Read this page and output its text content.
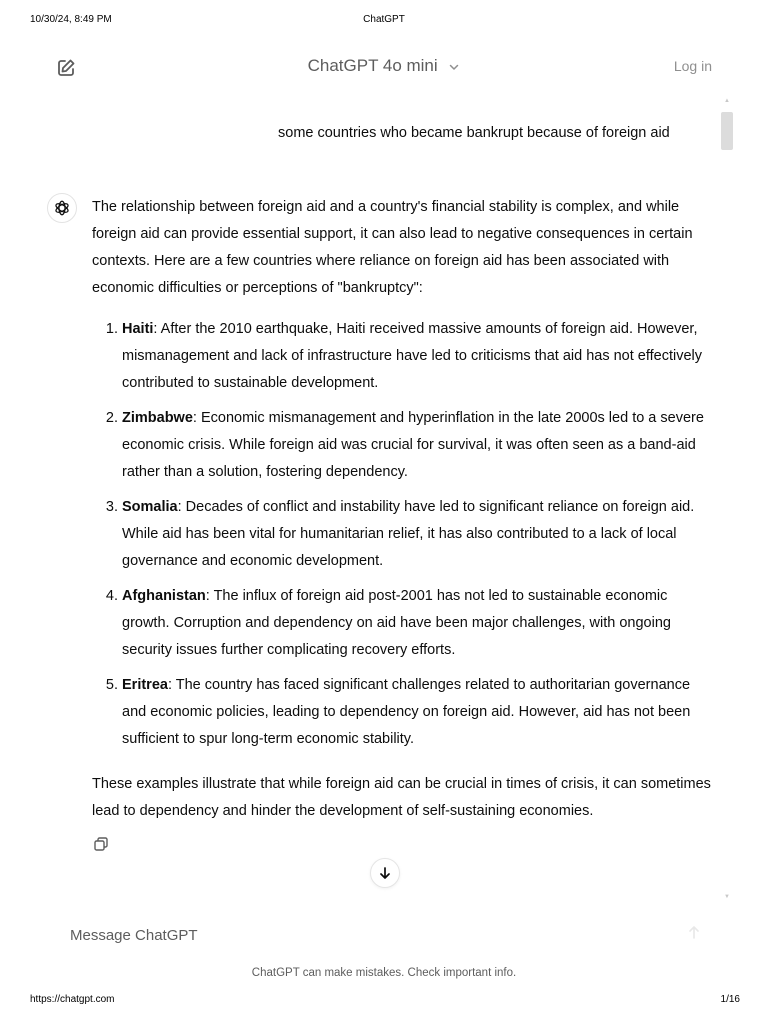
10/30/24, 8:49 PM	ChatGPT
ChatGPT 4o mini	Log in
▲
▼
some countries who became bankrupt because of foreign aid

The relationship between foreign aid and a country's financial stability is complex, and while foreign aid can provide essential support, it can also lead to negative consequences in certain contexts. Here are a few countries where reliance on foreign aid has been associated with economic difficulties or perceptions of "bankruptcy":

1. Haiti: After the 2010 earthquake, Haiti received massive amounts of foreign aid. However, mismanagement and lack of infrastructure have led to criticisms that aid has not effectively contributed to sustainable development.
2. Zimbabwe: Economic mismanagement and hyperinflation in the late 2000s led to a severe economic crisis. While foreign aid was crucial for survival, it was often seen as a band-aid rather than a solution, fostering dependency.
3. Somalia: Decades of conflict and instability have led to significant reliance on foreign aid. While aid has been vital for humanitarian relief, it has also contributed to a lack of local governance and economic development.
4. Afghanistan: The influx of foreign aid post-2001 has not led to sustainable economic growth. Corruption and dependency on aid have been major challenges, with ongoing security issues further complicating recovery efforts.
5. Eritrea: The country has faced significant challenges related to authoritarian governance and economic policies, leading to dependency on foreign aid. However, aid has not been sufficient to spur long-term economic stability.

These examples illustrate that while foreign aid can be crucial in times of crisis, it can sometimes lead to dependency and hinder the development of self-sustaining economies.

Message ChatGPT
ChatGPT can make mistakes. Check important info.
https://chatgpt.com	1/16
